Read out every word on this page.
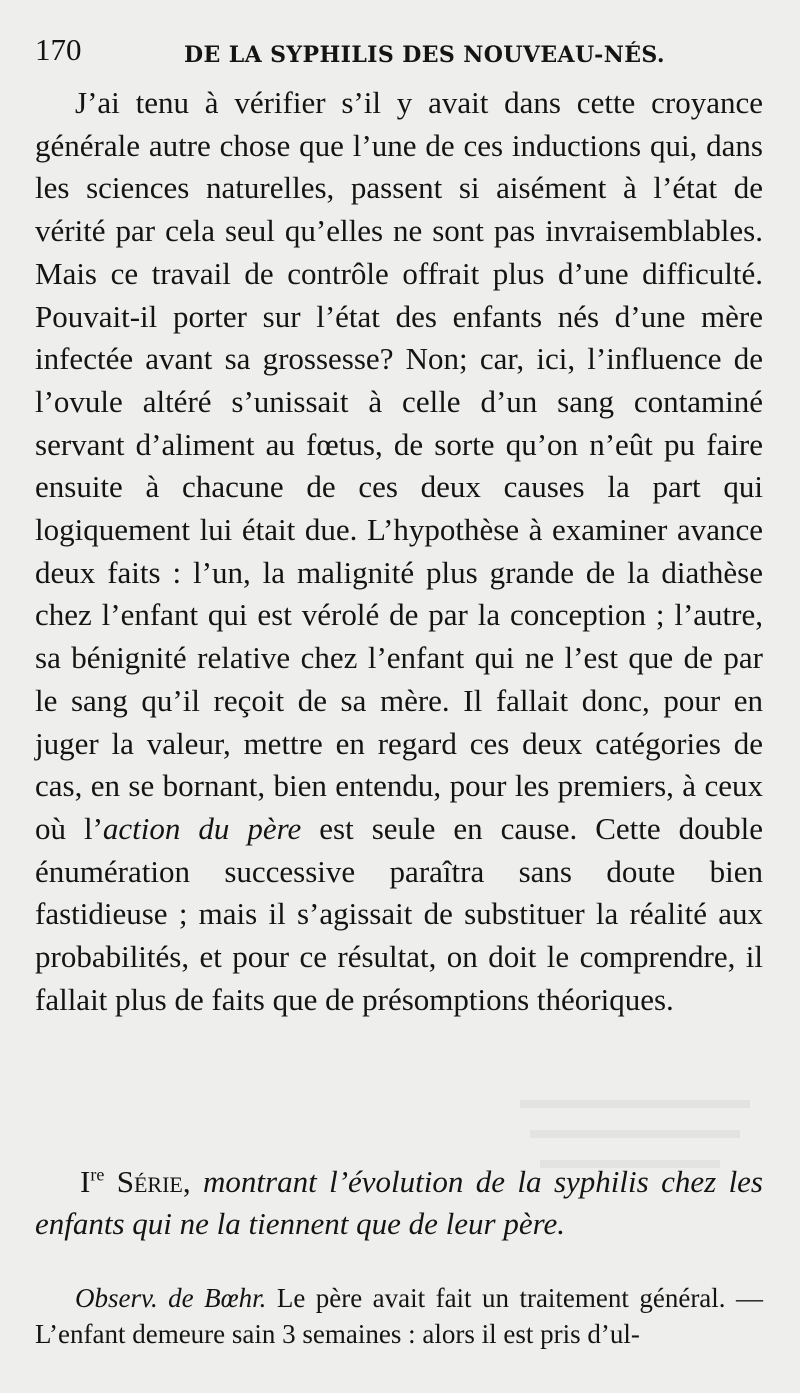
170	DE LA SYPHILIS DES NOUVEAU-NÉS.

J’ai tenu à vérifier s’il y avait dans cette croyance générale autre chose que l’une de ces inductions qui, dans les sciences naturelles, passent si aisément à l’état de vérité par cela seul qu’elles ne sont pas invraisemblables. Mais ce travail de contrôle offrait plus d’une difficulté. Pouvait-il porter sur l’état des enfants nés d’une mère infectée avant sa grossesse? Non; car, ici, l’influence de l’ovule altéré s’unissait à celle d’un sang contaminé servant d’aliment au fœtus, de sorte qu’on n’eût pu faire ensuite à chacune de ces deux causes la part qui logiquement lui était due. L’hypothèse à examiner avance deux faits : l’un, la malignité plus grande de la diathèse chez l’enfant qui est vérolé de par la conception ; l’autre, sa bénignité relative chez l’enfant qui ne l’est que de par le sang qu’il reçoit de sa mère. Il fallait donc, pour en juger la valeur, mettre en regard ces deux catégories de cas, en se bornant, bien entendu, pour les premiers, à ceux où l’action du père est seule en cause. Cette double énumération successive paraîtra sans doute bien fastidieuse ; mais il s’agissait de substituer la réalité aux probabilités, et pour ce résultat, on doit le comprendre, il fallait plus de faits que de présomptions théoriques.

Ire Série, montrant l’évolution de la syphilis chez les enfants qui ne la tiennent que de leur père.
Observ. de Bœhr. Le père avait fait un traitement général. — L’enfant demeure sain 3 semaines : alors il est pris d’ul-
